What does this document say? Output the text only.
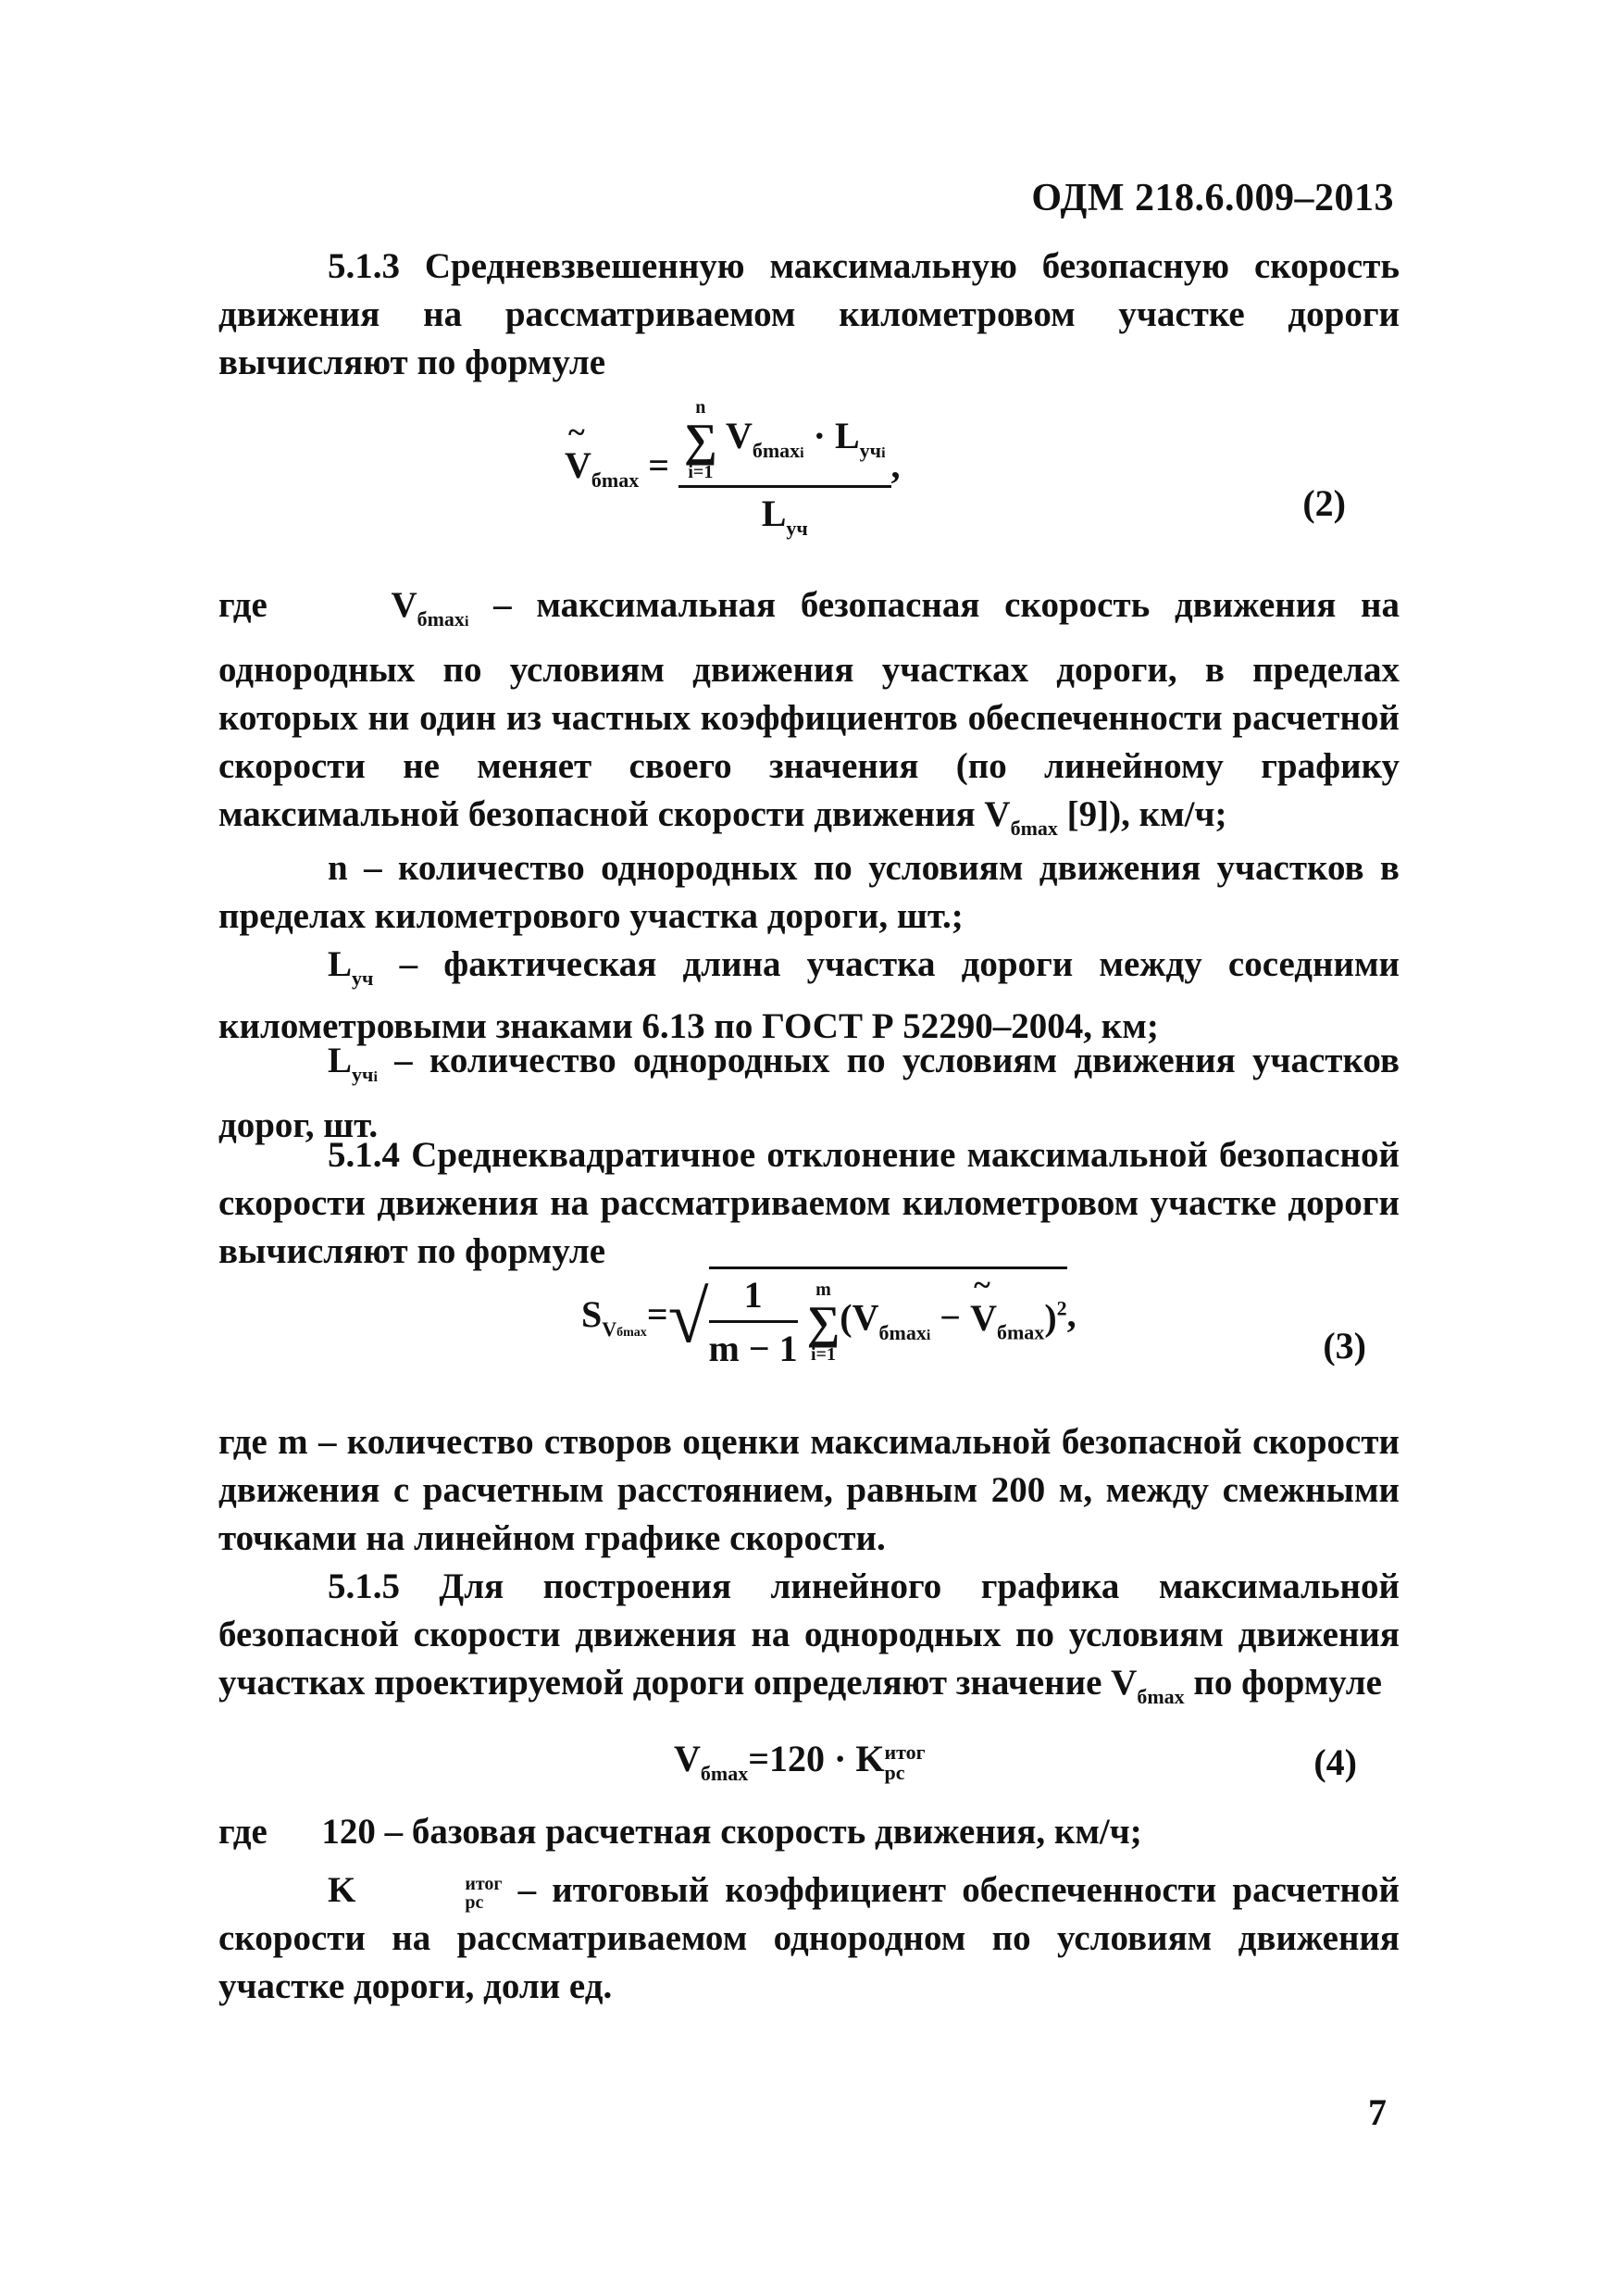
ОДМ 218.6.009–2013
5.1.3 Средневзвешенную максимальную безопасную скорость движения на рассматриваемом километровом участке дороги вычисляют по формуле
~ $V_{бmax} = n$
∑
i=1
$V_{бmaxi} \cdot L_{учi}$
$L_{уч}$ ,
(2)
где	$V_{бmaxi}$ – максимальная безопасная скорость движения на однородных по условиям движения участках дороги, в пределах которых ни один из частных коэффициентов обеспеченности расчетной скорости не меняет своего значения (по линейному графику максимальной безопасной скорости движения $V_{бmax}$ [9]), км/ч;
n – количество однородных по условиям движения участков в пределах километрового участка дороги, шт.;
$L_{уч}$ – фактическая длина участка дороги между соседними километровыми знаками 6.13 по ГОСТ Р 52290–2004, км;
$L_{учi}$ – количество однородных по условиям движения участков дорог, шт.
5.1.4 Среднеквадратичное отклонение максимальной безопасной скорости движения на рассматриваемом километровом участке дороги вычисляют по формуле
$S_{Vбmax}=√ \frac{1}{m - 1}$
m
∑
i=1
($V_{бmaxi}$ − ~ $V_{бmax})^2$,
(3)
где m – количество створов оценки максимальной безопасной скорости движения с расчетным расстоянием, равным 200 м, между смежными точками на линейном графике скорости.
5.1.5 Для построения линейного графика максимальной безопасной скорости движения на однородных по условиям движения участках проектируемой дороги определяют значение $V_{бmax}$ по формуле
$V_{бmax}=120 \cdot K$ итог
рс	(4)
где 120 – базовая расчетная скорость движения, км/ч;
K	итог
рс – итоговый коэффициент обеспеченности расчетной скорости на рассматриваемом однородном по условиям движения участке дороги, доли ед.
7
